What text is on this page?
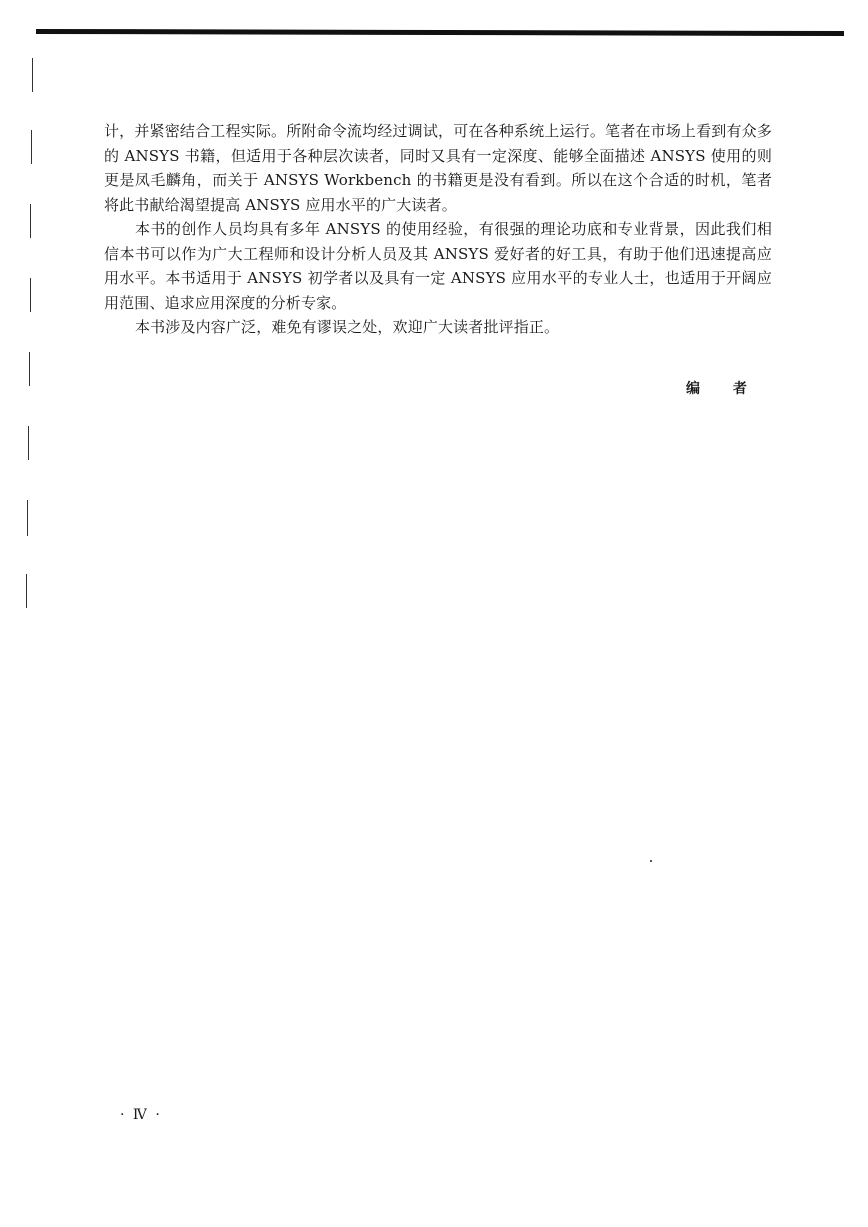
计，并紧密结合工程实际。所附命令流均经过调试，可在各种系统上运行。笔者在市场上看到有众多的 ANSYS 书籍，但适用于各种层次读者，同时又具有一定深度、能够全面描述 ANSYS 使用的则更是凤毛麟角，而关于 ANSYS Workbench 的书籍更是没有看到。所以在这个合适的时机，笔者将此书献给渴望提高 ANSYS 应用水平的广大读者。

本书的创作人员均具有多年 ANSYS 的使用经验，有很强的理论功底和专业背景，因此我们相信本书可以作为广大工程师和设计分析人员及其 ANSYS 爱好者的好工具，有助于他们迅速提高应用水平。本书适用于 ANSYS 初学者以及具有一定 ANSYS 应用水平的专业人士，也适用于开阔应用范围、追求应用深度的分析专家。

本书涉及内容广泛，难免有谬误之处，欢迎广大读者批评指正。

编 者
· Ⅳ ·
